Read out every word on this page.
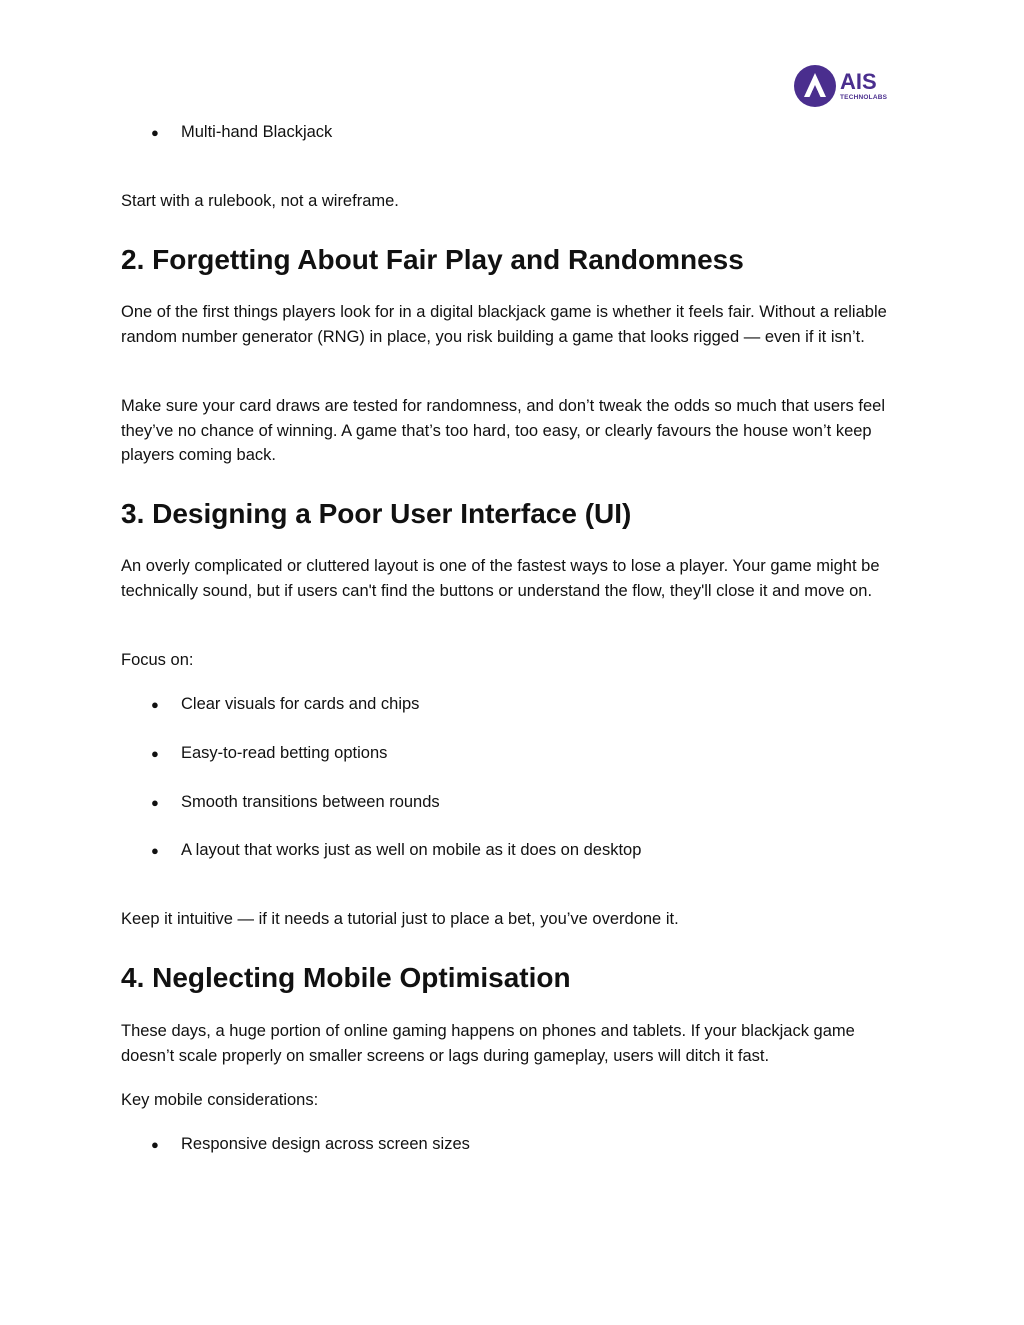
AIS
TECHNOLABS
●	Multi-hand Blackjack

Start with a rulebook, not a wireframe.

2. Forgetting About Fair Play and Randomness

One of the first things players look for in a digital blackjack game is whether it feels fair. Without a reliable random number generator (RNG) in place, you risk building a game that looks rigged — even if it isn’t.

Make sure your card draws are tested for randomness, and don’t tweak the odds so much that users feel they’ve no chance of winning. A game that’s too hard, too easy, or clearly favours the house won’t keep players coming back.

3. Designing a Poor User Interface (UI)

An overly complicated or cluttered layout is one of the fastest ways to lose a player. Your game might be technically sound, but if users can't find the buttons or understand the flow, they'll close it and move on.

Focus on:

●	Clear visuals for cards and chips
●	Easy-to-read betting options
●	Smooth transitions between rounds
●	A layout that works just as well on mobile as it does on desktop

Keep it intuitive — if it needs a tutorial just to place a bet, you’ve overdone it.

4. Neglecting Mobile Optimisation

These days, a huge portion of online gaming happens on phones and tablets. If your blackjack game doesn’t scale properly on smaller screens or lags during gameplay, users will ditch it fast.

Key mobile considerations:

●	Responsive design across screen sizes
